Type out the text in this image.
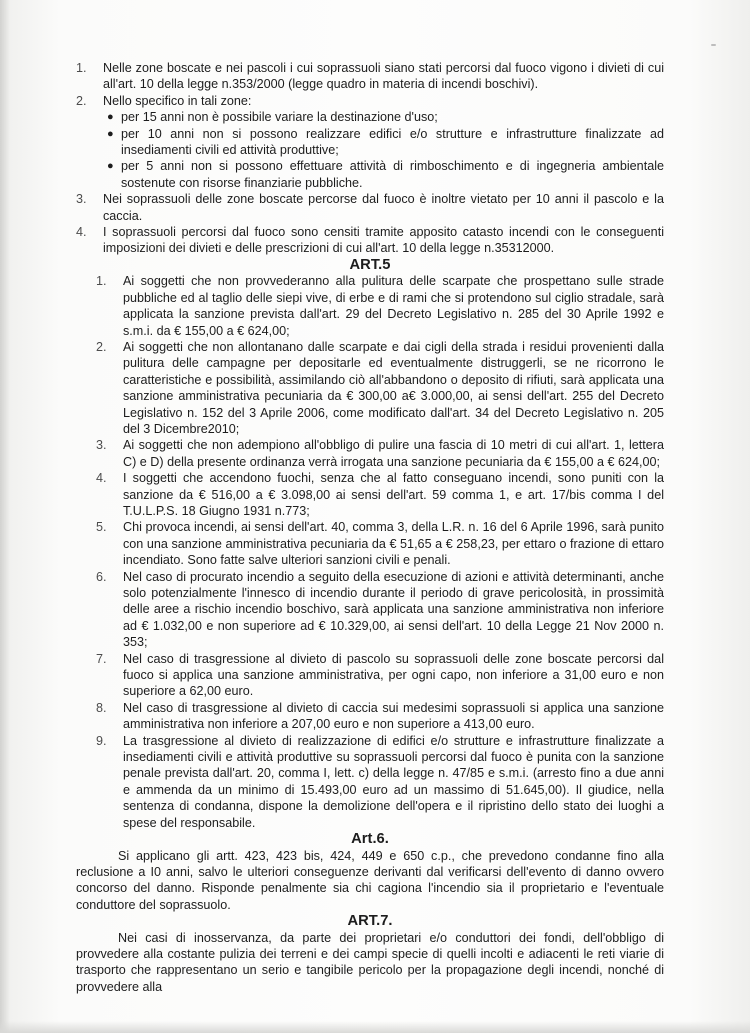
1.	Nelle zone boscate e nei pascoli i cui soprassuoli siano stati percorsi dal fuoco vigono i divieti di cui all'art. 10 della legge n.353/2000 (legge quadro in materia di incendi boschivi).
2.	Nello specifico in tali zone:
● per 15 anni non è possibile variare la destinazione d'uso;
● per 10 anni non si possono realizzare edifici e/o strutture e infrastrutture finalizzate ad insediamenti civili ed attività produttive;
● per 5 anni non si possono effettuare attività di rimboschimento e di ingegneria ambientale sostenute con risorse finanziarie pubbliche.
3.	Nei soprassuoli delle zone boscate percorse dal fuoco è inoltre vietato per 10 anni il pascolo e la caccia.
4.	I soprassuoli percorsi dal fuoco sono censiti tramite apposito catasto incendi con le conseguenti imposizioni dei divieti e delle prescrizioni di cui all'art. 10 della legge n.35312000.
ART.5
1.	Ai soggetti che non provvederanno alla pulitura delle scarpate che prospettano sulle strade pubbliche ed al taglio delle siepi vive, di erbe e di rami che si protendono sul ciglio stradale, sarà applicata la sanzione prevista dall'art. 29 del Decreto Legislativo n. 285 del 30 Aprile 1992 e s.m.i. da € 155,00 a € 624,00;
2.	Ai soggetti che non allontanano dalle scarpate e dai cigli della strada i residui provenienti dalla pulitura delle campagne per depositarle ed eventualmente distruggerli, se ne ricorrono le caratteristiche e possibilità, assimilando ciò all'abbandono o deposito di rifiuti, sarà applicata una sanzione amministrativa pecuniaria da € 300,00 a€ 3.000,00, ai sensi dell'art. 255 del Decreto Legislativo n. 152 del 3 Aprile 2006, come modificato dall'art. 34 del Decreto Legislativo n. 205 del 3 Dicembre2010;
3.	Ai soggetti che non adempiono all'obbligo di pulire una fascia di 10 metri di cui all'art. 1, lettera C) e D) della presente ordinanza verrà irrogata una sanzione pecuniaria da € 155,00 a € 624,00;
4.	I soggetti che accendono fuochi, senza che al fatto conseguano incendi, sono puniti con la sanzione da € 516,00 a € 3.098,00 ai sensi dell'art. 59 comma 1, e art. 17/bis comma I del T.U.L.P.S. 18 Giugno 1931 n.773;
5.	Chi provoca incendi, ai sensi dell'art. 40, comma 3, della L.R. n. 16 del 6 Aprile 1996, sarà punito con una sanzione amministrativa pecuniaria da € 51,65 a € 258,23, per ettaro o frazione di ettaro incendiato. Sono fatte salve ulteriori sanzioni civili e penali.
6.	Nel caso di procurato incendio a seguito della esecuzione di azioni e attività determinanti, anche solo potenzialmente l'innesco di incendio durante il periodo di grave pericolosità, in prossimità delle aree a rischio incendio boschivo, sarà applicata una sanzione amministrativa non inferiore ad € 1.032,00 e non superiore ad € 10.329,00, ai sensi dell'art. 10 della Legge 21 Nov 2000 n. 353;
7.	Nel caso di trasgressione al divieto di pascolo su soprassuoli delle zone boscate percorsi dal fuoco si applica una sanzione amministrativa, per ogni capo, non inferiore a 31,00 euro e non superiore a 62,00 euro.
8.	Nel caso di trasgressione al divieto di caccia sui medesimi soprassuoli si applica una sanzione amministrativa non inferiore a 207,00 euro e non superiore a 413,00 euro.
9.	La trasgressione al divieto di realizzazione di edifici e/o strutture e infrastrutture finalizzate a insediamenti civili e attività produttive su soprassuoli percorsi dal fuoco è punita con la sanzione penale prevista dall'art. 20, comma I, lett. c) della legge n. 47/85 e s.m.i. (arresto fino a due anni e ammenda da un minimo di 15.493,00 euro ad un massimo di 51.645,00). Il giudice, nella sentenza di condanna, dispone la demolizione dell'opera e il ripristino dello stato dei luoghi a spese del responsabile.
Art.6.

Si applicano gli artt. 423, 423 bis, 424, 449 e 650 c.p., che prevedono condanne fino alla reclusione a I0 anni, salvo le ulteriori conseguenze derivanti dal verificarsi dell'evento di danno ovvero concorso del danno. Risponde penalmente sia chi cagiona l'incendio sia il proprietario e l'eventuale conduttore del soprassuolo.

ART.7.

Nei casi di inosservanza, da parte dei proprietari e/o conduttori dei fondi, dell'obbligo di provvedere alla costante pulizia dei terreni e dei campi specie di quelli incolti e adiacenti le reti viarie di trasporto che rappresentano un serio e tangibile pericolo per la propagazione degli incendi, nonché di provvedere alla
